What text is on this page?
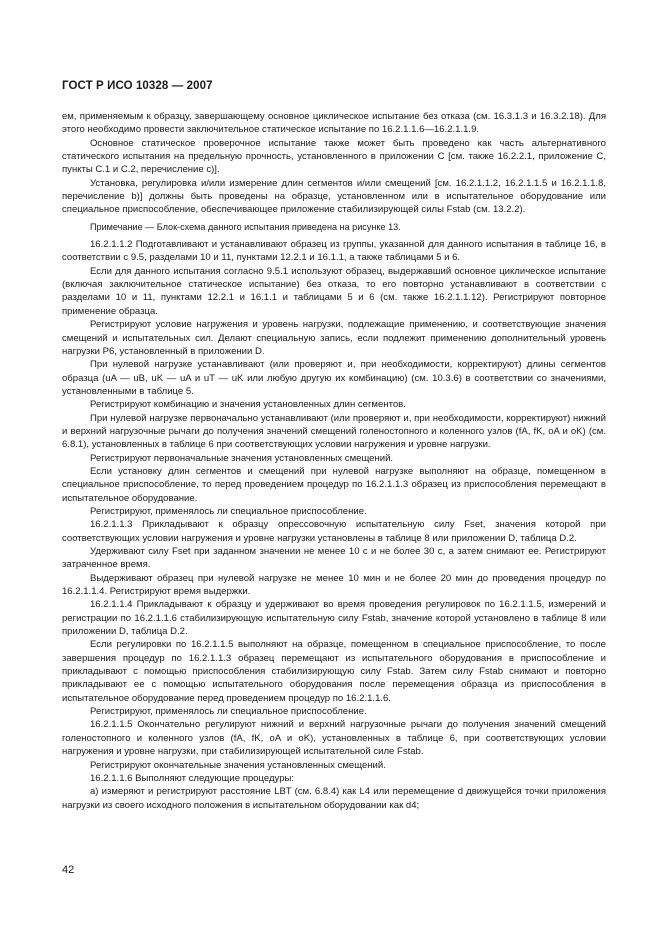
ГОСТ Р ИСО 10328 — 2007

ем, применяемым к образцу, завершающему основное циклическое испытание без отказа (см. 16.3.1.3 и 16.3.2.18). Для этого необходимо провести заключительное статическое испытание по 16.2.1.1.6—16.2.1.1.9.

Основное статическое проверочное испытание также может быть проведено как часть альтернативного статического испытания на предельную прочность, установленного в приложении С [см. также 16.2.2.1, приложение С, пункты С.1 и С.2, перечисление с)].

Установка, регулировка и/или измерение длин сегментов и/или смещений [см. 16.2.1.1.2, 16.2.1.1.5 и 16.2.1.1.8, перечисление b)] должны быть проведены на образце, установленном или в испытательное оборудование или специальное приспособление, обеспечивающее приложение стабилизирующей силы Fstab (см. 13.2.2).

Примечание — Блок-схема данного испытания приведена на рисунке 13.

16.2.1.1.2 Подготавливают и устанавливают образец из группы, указанной для данного испытания в таблице 16, в соответствии с 9.5, разделами 10 и 11, пунктами 12.2.1 и 16.1.1, а также таблицами 5 и 6.

Если для данного испытания согласно 9.5.1 используют образец, выдержавший основное циклическое испытание (включая заключительное статическое испытание) без отказа, то его повторно устанавливают в соответствии с разделами 10 и 11, пунктами 12.2.1 и 16.1.1 и таблицами 5 и 6 (см. также 16.2.1.1.12). Регистрируют повторное применение образца.

Регистрируют условие нагружения и уровень нагрузки, подлежащие применению, и соответствующие значения смещений и испытательных сил. Делают специальную запись, если подлежит применению дополнительный уровень нагрузки Р6, установленный в приложении D.

При нулевой нагрузке устанавливают (или проверяют и, при необходимости, корректируют) длины сегментов образца (uA — uB, uK — uA и uT — uK или любую другую их комбинацию) (см. 10.3.6) в соответствии со значениями, установленными в таблице 5.

Регистрируют комбинацию и значения установленных длин сегментов.

При нулевой нагрузке первоначально устанавливают (или проверяют и, при необходимости, корректируют) нижний и верхний нагрузочные рычаги до получения значений смещений голеностопного и коленного узлов (fA, fK, oA и oK) (см. 6.8.1), установленных в таблице 6 при соответствующих условии нагружения и уровне нагрузки.

Регистрируют первоначальные значения установленных смещений.

Если установку длин сегментов и смещений при нулевой нагрузке выполняют на образце, помещенном в специальное приспособление, то перед проведением процедур по 16.2.1.1.3 образец из приспособления перемещают в испытательное оборудование.

Регистрируют, применялось ли специальное приспособление.

16.2.1.1.3 Прикладывают к образцу опрессовочную испытательную силу Fset, значения которой при соответствующих условии нагружения и уровне нагрузки установлены в таблице 8 или приложении D, таблица D.2.

Удерживают силу Fset при заданном значении не менее 10 с и не более 30 с, а затем снимают ее. Регистрируют затраченное время.

Выдерживают образец при нулевой нагрузке не менее 10 мин и не более 20 мин до проведения процедур по 16.2.1.1.4. Регистрируют время выдержки.

16.2.1.1.4 Прикладывают к образцу и удерживают во время проведения регулировок по 16.2.1.1.5, измерений и регистрации по 16.2.1.1.6 стабилизирующую испытательную силу Fstab, значение которой установлено в таблице 8 или приложении D, таблица D.2.

Если регулировки по 16.2.1.1.5 выполняют на образце, помещенном в специальное приспособление, то после завершения процедур по 16.2.1.1.3 образец перемещают из испытательного оборудования в приспособление и прикладывают с помощью приспособления стабилизирующую силу Fstab. Затем силу Fstab снимают и повторно прикладывают ее с помощью испытательного оборудования после перемещения образца из приспособления в испытательное оборудование перед проведением процедур по 16.2.1.1.6.

Регистрируют, применялось ли специальное приспособление.

16.2.1.1.5 Окончательно регулируют нижний и верхний нагрузочные рычаги до получения значений смещений голеностопного и коленного узлов (fA, fK, oA и oK), установленных в таблице 6, при соответствующих условии нагружения и уровне нагрузки, при стабилизирующей испытательной силе Fstab.

Регистрируют окончательные значения установленных смещений.

16.2.1.1.6 Выполняют следующие процедуры:

а) измеряют и регистрируют расстояние LBT (см. 6.8.4) как L4 или перемещение d движущейся точки приложения нагрузки из своего исходного положения в испытательном оборудовании как d4;

42
